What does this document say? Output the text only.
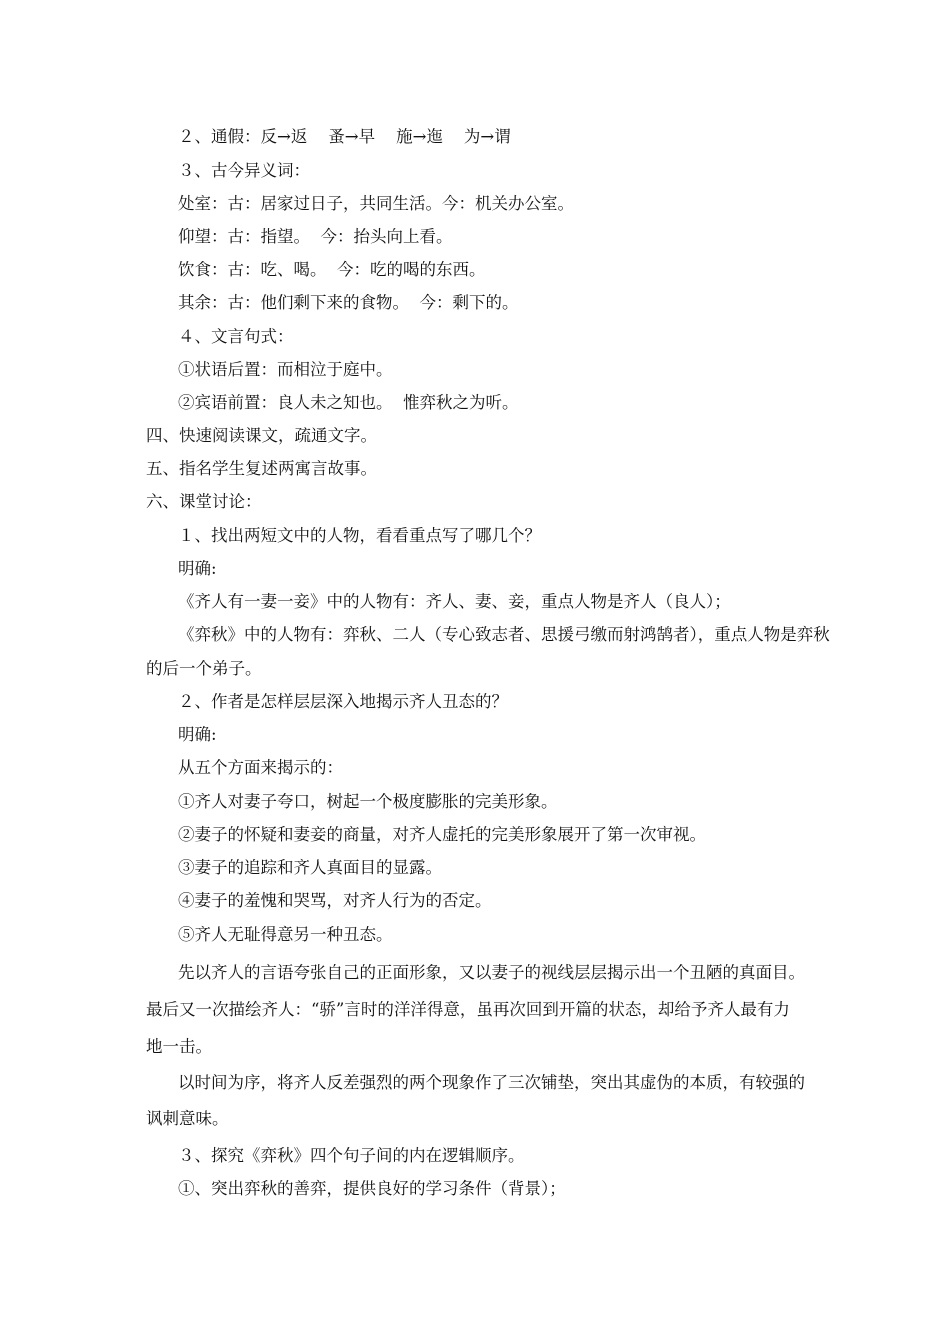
２、通假：反→返    蚤→早    施→迤    为→谓
３、古今异义词：
处室：古：居家过日子，共同生活。今：机关办公室。
仰望：古：指望。  今：抬头向上看。
饮食：古：吃、喝。  今：吃的喝的东西。
其余：古：他们剩下来的食物。  今：剩下的。
４、文言句式：
①状语后置：而相泣于庭中。
②宾语前置：良人未之知也。  惟弈秋之为听。
四、快速阅读课文，疏通文字。
五、指名学生复述两寓言故事。
六、课堂讨论：
１、找出两短文中的人物，看看重点写了哪几个？
明确:
《齐人有一妻一妾》中的人物有：齐人、妻、妾，重点人物是齐人（良人）；
《弈秋》中的人物有：弈秋、二人（专心致志者、思援弓缴而射鸿鹄者），重点人物是弈秋
的后一个弟子。
２、作者是怎样层层深入地揭示齐人丑态的？
明确:
从五个方面来揭示的：
①齐人对妻子夸口，树起一个极度膨胀的完美形象。
②妻子的怀疑和妻妾的商量，对齐人虚托的完美形象展开了第一次审视。
③妻子的追踪和齐人真面目的显露。
④妻子的羞愧和哭骂，对齐人行为的否定。
⑤齐人无耻得意另一种丑态。
先以齐人的言语夸张自己的正面形象，又以妻子的视线层层揭示出一个丑陋的真面目。
最后又一次描绘齐人：“骄”言时的洋洋得意，虽再次回到开篇的状态，却给予齐人最有力
地一击。
以时间为序，将齐人反差强烈的两个现象作了三次铺垫，突出其虚伪的本质，有较强的
讽刺意味。
３、探究《弈秋》四个句子间的内在逻辑顺序。
①、突出弈秋的善弈，提供良好的学习条件（背景）；
